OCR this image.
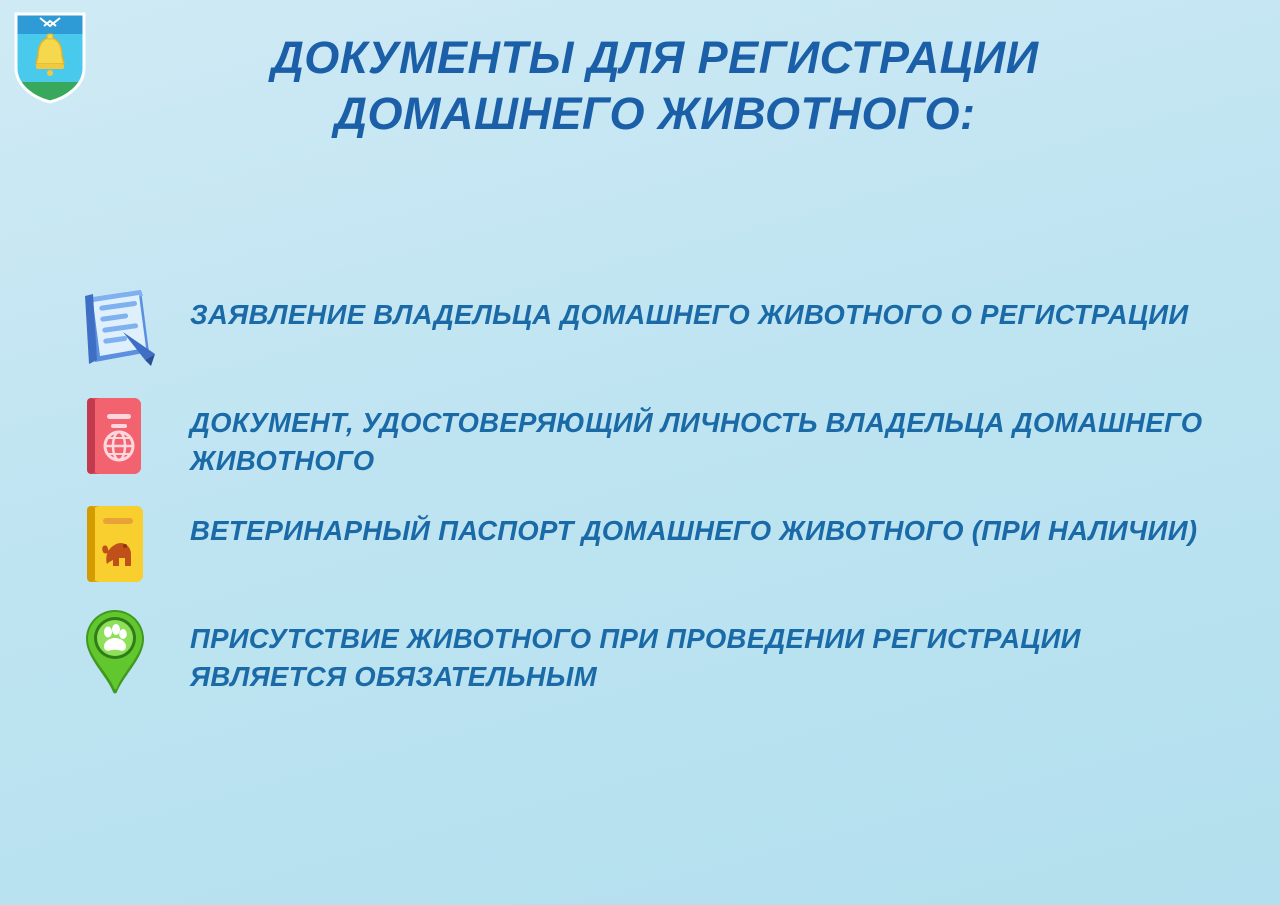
ДОКУМЕНТЫ ДЛЯ РЕГИСТРАЦИИ
ДОМАШНЕГО ЖИВОТНОГО:
ЗАЯВЛЕНИЕ ВЛАДЕЛЬЦА ДОМАШНЕГО ЖИВОТНОГО О РЕГИСТРАЦИИ
ДОКУМЕНТ, УДОСТОВЕРЯЮЩИЙ ЛИЧНОСТЬ ВЛАДЕЛЬЦА ДОМАШНЕГО ЖИВОТНОГО
ВЕТЕРИНАРНЫЙ ПАСПОРТ ДОМАШНЕГО ЖИВОТНОГО (ПРИ НАЛИЧИИ)
ПРИСУТСТВИЕ ЖИВОТНОГО ПРИ ПРОВЕДЕНИИ РЕГИСТРАЦИИ ЯВЛЯЕТСЯ ОБЯЗАТЕЛЬНЫМ
